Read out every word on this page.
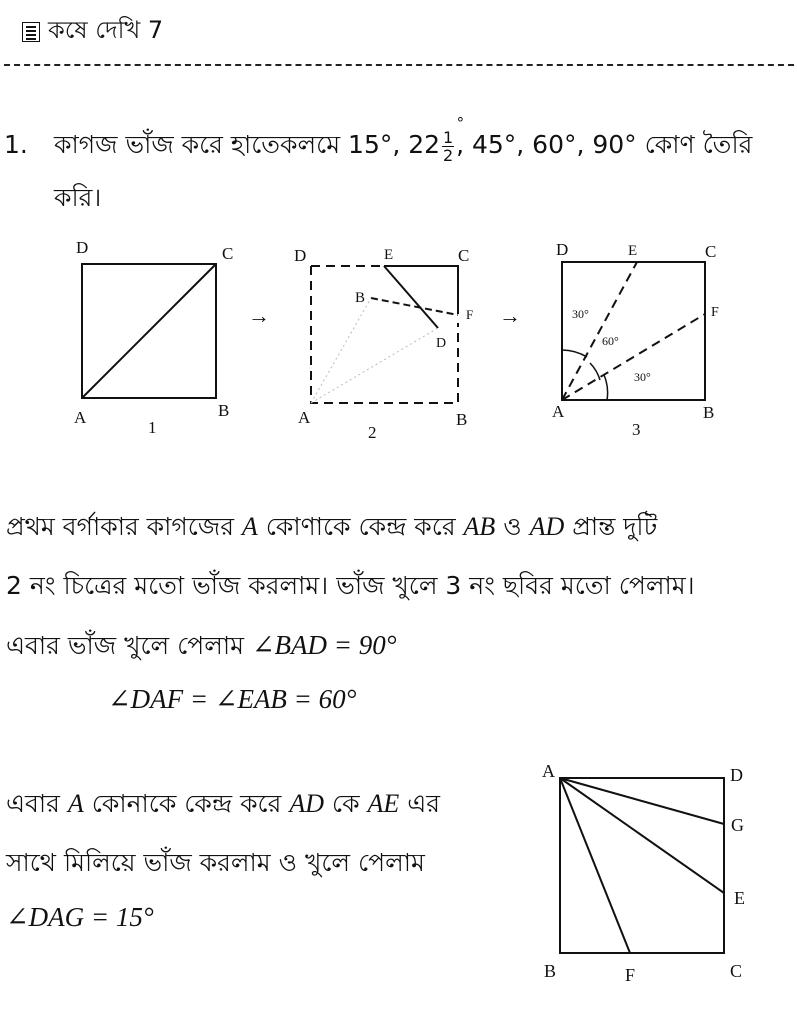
কষে দেখি 7
1. কাগজ ভাঁজ করে হাতেকলমে 15°, 22 1
2
°
, 45°, 60°, 90° কোণ তৈরি
করি।
D	C
A	B
1
→
D	E	C
B
F
D
A	B
2
→	30°
60°
30°
D	E	C
F
A	B
3
প্রথম বর্গাকার কাগজের A কোণাকে কেন্দ্র করে AB ও AD প্রান্ত দুটি
2 নং চিত্রের মতো ভাঁজ করলাম। ভাঁজ খুলে 3 নং ছবির মতো পেলাম।
এবার ভাঁজ খুলে পেলাম ∠BAD = 90°
∠DAF = ∠EAB = 60°
এবার A কোনাকে কেন্দ্র করে AD কে AE এর
সাথে মিলিয়ে ভাঁজ করলাম ও খুলে পেলাম
∠DAG = 15°
A	D
G
E
B	F	C
